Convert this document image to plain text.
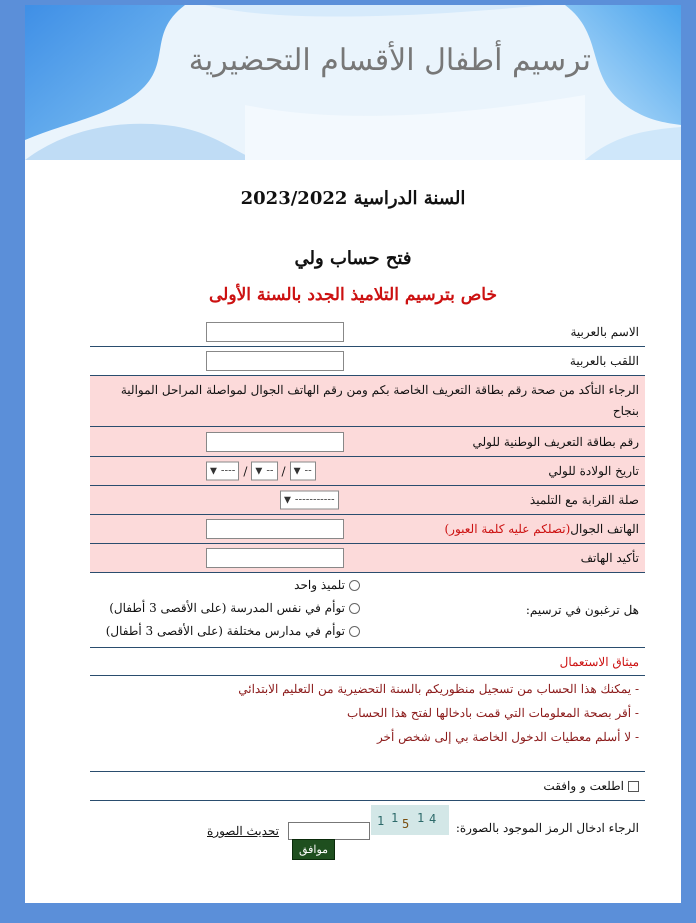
ترسيم أطفال الأقسام التحضيرية
السنة الدراسية 2023/2022
فتح حساب ولي
خاص بترسيم التلاميذ الجدد بالسنة الأولى
الاسم بالعربية
اللقب بالعربية
الرجاء التأكد من صحة رقم بطاقة التعريف الخاصة بكم ومن رقم الهاتف الجوال لمواصلة المراحل الموالية بنجاح
رقم بطاقة التعريف الوطنية للولي
تاريخ الولادة للولي
--
▼
/
--
▼
/
----
▼
صلة القرابة مع التلميذ
-----------
▼
الهاتف الجوال(تصلكم عليه كلمة العبور)
تأكيد الهاتف
هل ترغبون في ترسيم:
تلميذ واحد
توأم في نفس المدرسة (على الأقصى 3 أطفال)
توأم في مدارس مختلفة (على الأقصى 3 أطفال)
ميثاق الاستعمال
- يمكنك هذا الحساب من تسجيل منظوريكم بالسنة التحضيرية من التعليم الابتدائي
- أقر بصحة المعلومات التي قمت بادخالها لفتح هذا الحساب
- لا أسلم معطيات الدخول الخاصة بي إلى شخص أخر
اطلعت و وافقت
الرجاء ادخال الرمز الموجود بالصورة:
1 1 5 1 4
تحديث الصورة
موافق
